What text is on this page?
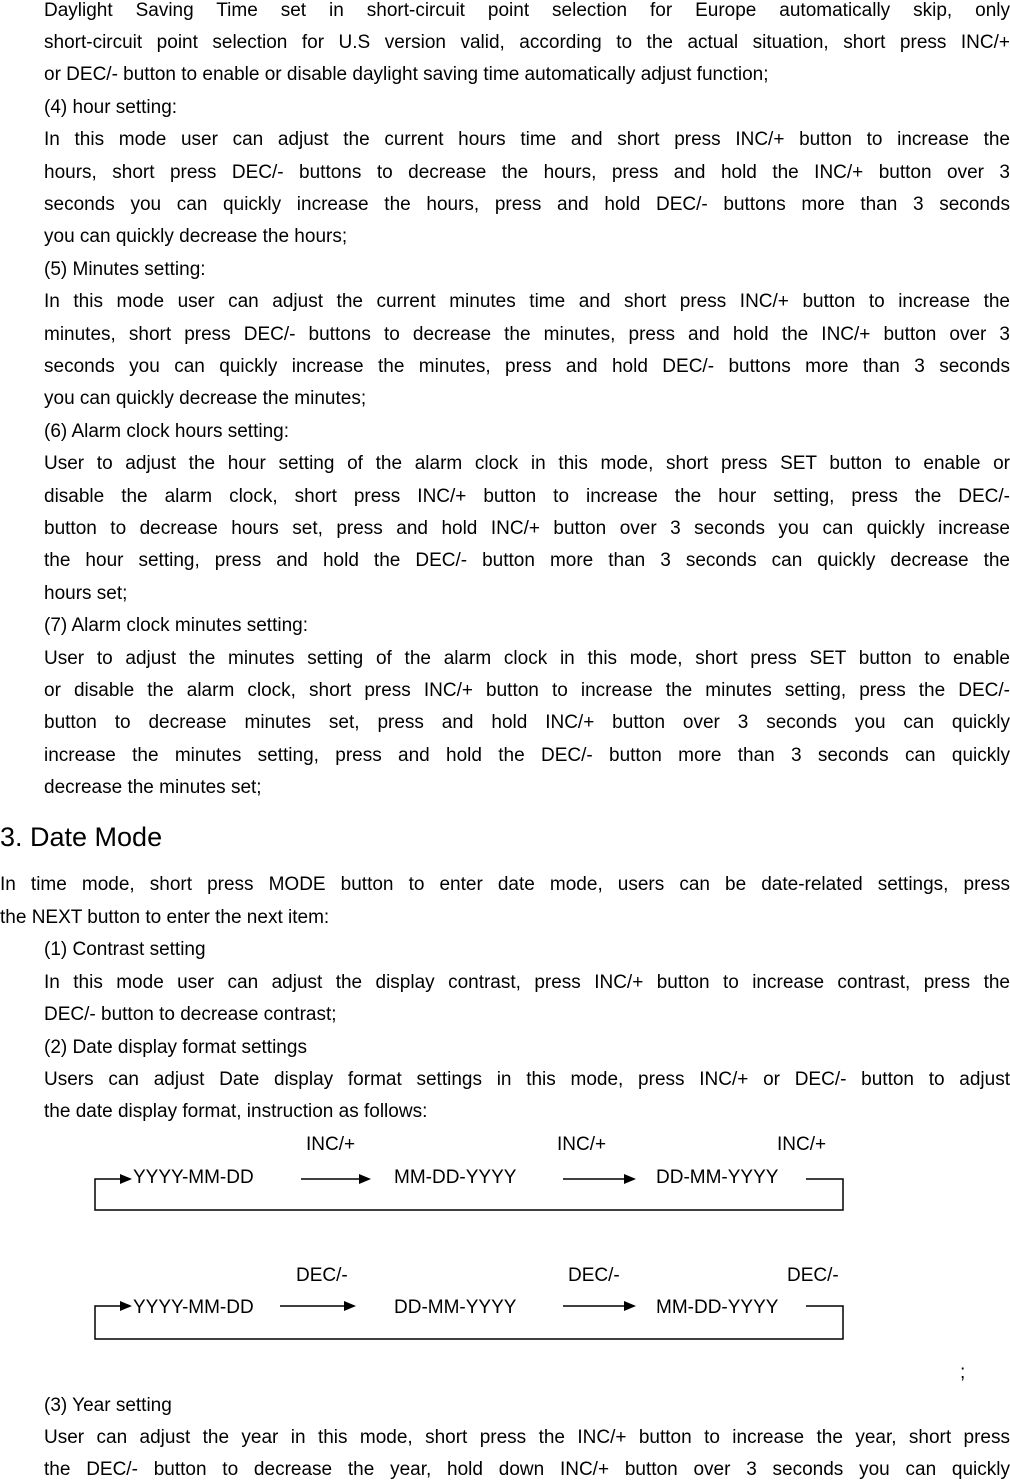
Daylight Saving Time set in short-circuit point selection for Europe automatically skip, only
short-circuit point selection for U.S version valid, according to the actual situation, short press INC/+
or DEC/- button to enable or disable daylight saving time automatically adjust function;
(4) hour setting:
In this mode user can adjust the current hours time and short press INC/+ button to increase the
hours, short press DEC/- buttons to decrease the hours, press and hold the INC/+ button over 3
seconds you can quickly increase the hours, press and hold DEC/- buttons more than 3 seconds
you can quickly decrease the hours;
(5) Minutes setting:
In this mode user can adjust the current minutes time and short press INC/+ button to increase the
minutes, short press DEC/- buttons to decrease the minutes, press and hold the INC/+ button over 3
seconds you can quickly increase the minutes, press and hold DEC/- buttons more than 3 seconds
you can quickly decrease the minutes;
(6) Alarm clock hours setting:
User to adjust the hour setting of the alarm clock in this mode, short press SET button to enable or
disable the alarm clock, short press INC/+ button to increase the hour setting, press the DEC/-
button to decrease hours set, press and hold INC/+ button over 3 seconds you can quickly increase
the hour setting, press and hold the DEC/- button more than 3 seconds can quickly decrease the
hours set;
(7) Alarm clock minutes setting:
User to adjust the minutes setting of the alarm clock in this mode, short press SET button to enable
or disable the alarm clock, short press INC/+ button to increase the minutes setting, press the DEC/-
button to decrease minutes set, press and hold INC/+ button over 3 seconds you can quickly
increase the minutes setting, press and hold the DEC/- button more than 3 seconds can quickly
decrease the minutes set;
3. Date Mode
In time mode, short press MODE button to enter date mode, users can be date-related settings, press
the NEXT button to enter the next item:
(1) Contrast setting
In this mode user can adjust the display contrast, press INC/+ button to increase contrast, press the
DEC/- button to decrease contrast;
(2) Date display format settings
Users can adjust Date display format settings in this mode, press INC/+ or DEC/- button to adjust
the date display format, instruction as follows:
INC/+	INC/+	INC/+
YYYY-MM-DD	MM-DD-YYYY	DD-MM-YYYY
DEC/-	DEC/-	DEC/-
YYYY-MM-DD	DD-MM-YYYY	MM-DD-YYYY
;
(3) Year setting
User can adjust the year in this mode, short press the INC/+ button to increase the year, short press
the DEC/- button to decrease the year, hold down INC/+ button over 3 seconds you can quickly
